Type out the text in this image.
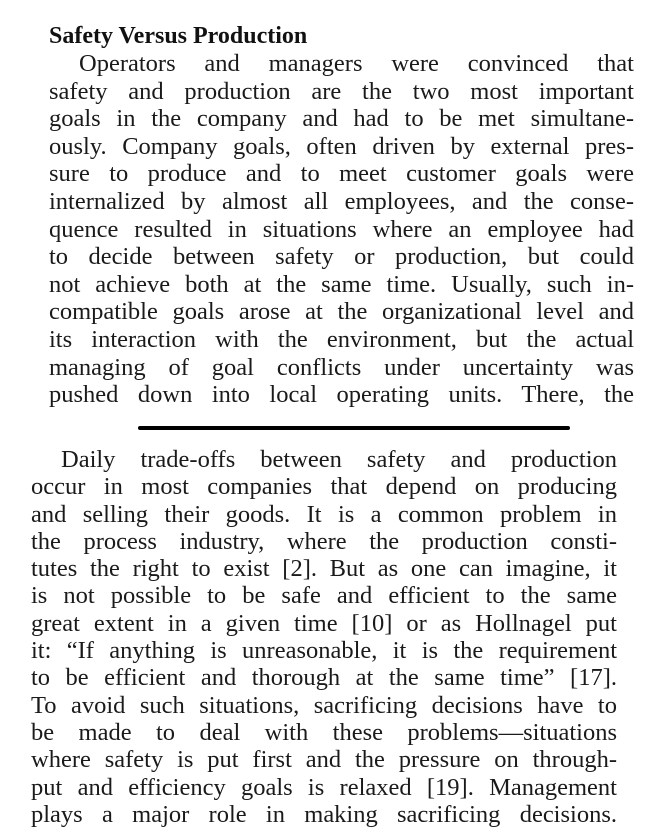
Safety Versus Production
Operators and managers were convinced that
safety and production are the two most important
goals in the company and had to be met simultane-
ously. Company goals, often driven by external pres-
sure to produce and to meet customer goals were
internalized by almost all employees, and the conse-
quence resulted in situations where an employee had
to decide between safety or production, but could
not achieve both at the same time. Usually, such in-
compatible goals arose at the organizational level and
its interaction with the environment, but the actual
managing of goal conflicts under uncertainty was
pushed down into local operating units. There, the
Daily trade-offs between safety and production
occur in most companies that depend on producing
and selling their goods. It is a common problem in
the process industry, where the production consti-
tutes the right to exist [2]. But as one can imagine, it
is not possible to be safe and efficient to the same
great extent in a given time [10] or as Hollnagel put
it: “If anything is unreasonable, it is the requirement
to be efficient and thorough at the same time” [17].
To avoid such situations, sacrificing decisions have to
be made to deal with these problems—situations
where safety is put first and the pressure on through-
put and efficiency goals is relaxed [19]. Management
plays a major role in making sacrificing decisions.
